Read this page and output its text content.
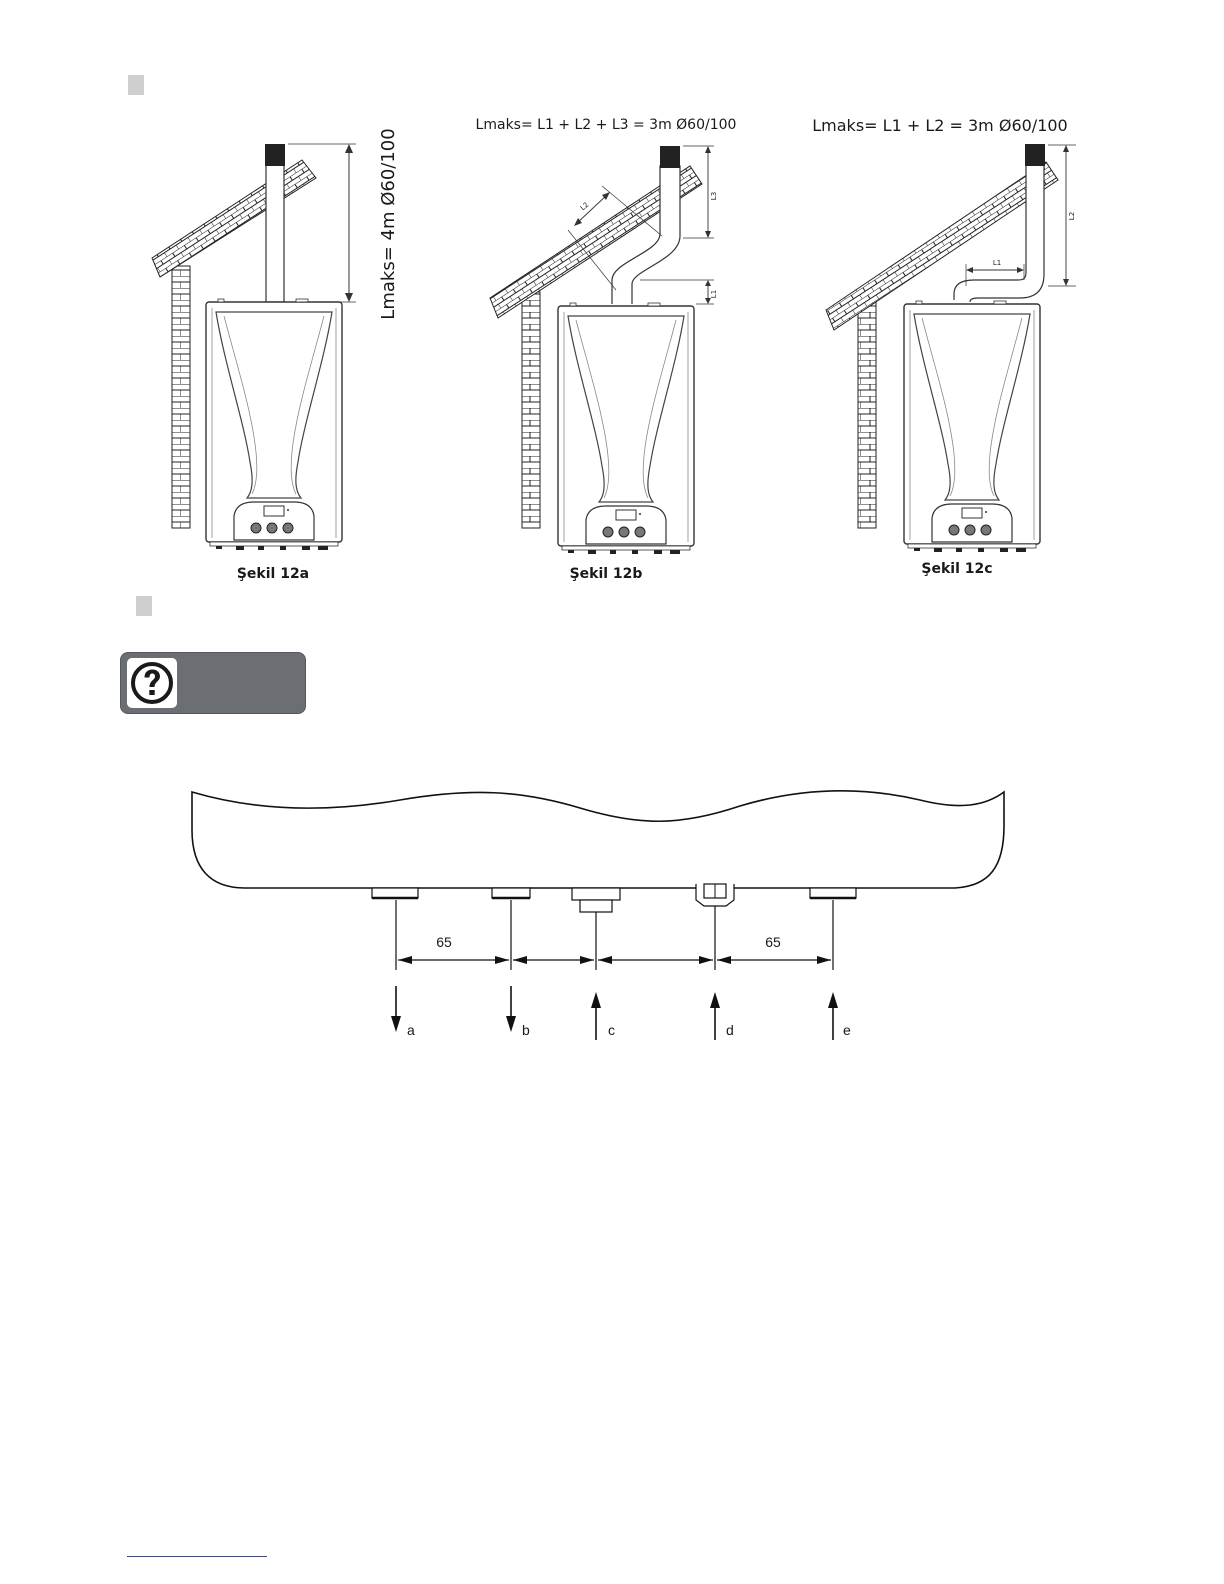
Lmaks= 4m Ø60/100
Şekil 12a
Lmaks= L1 + L2 + L3 = 3m Ø60/100
L3
L1
L2
Şekil 12b
Lmaks= L1 + L2 = 3m Ø60/100
L2
L1
Şekil 12c
65	65
a	b	c	d	e
